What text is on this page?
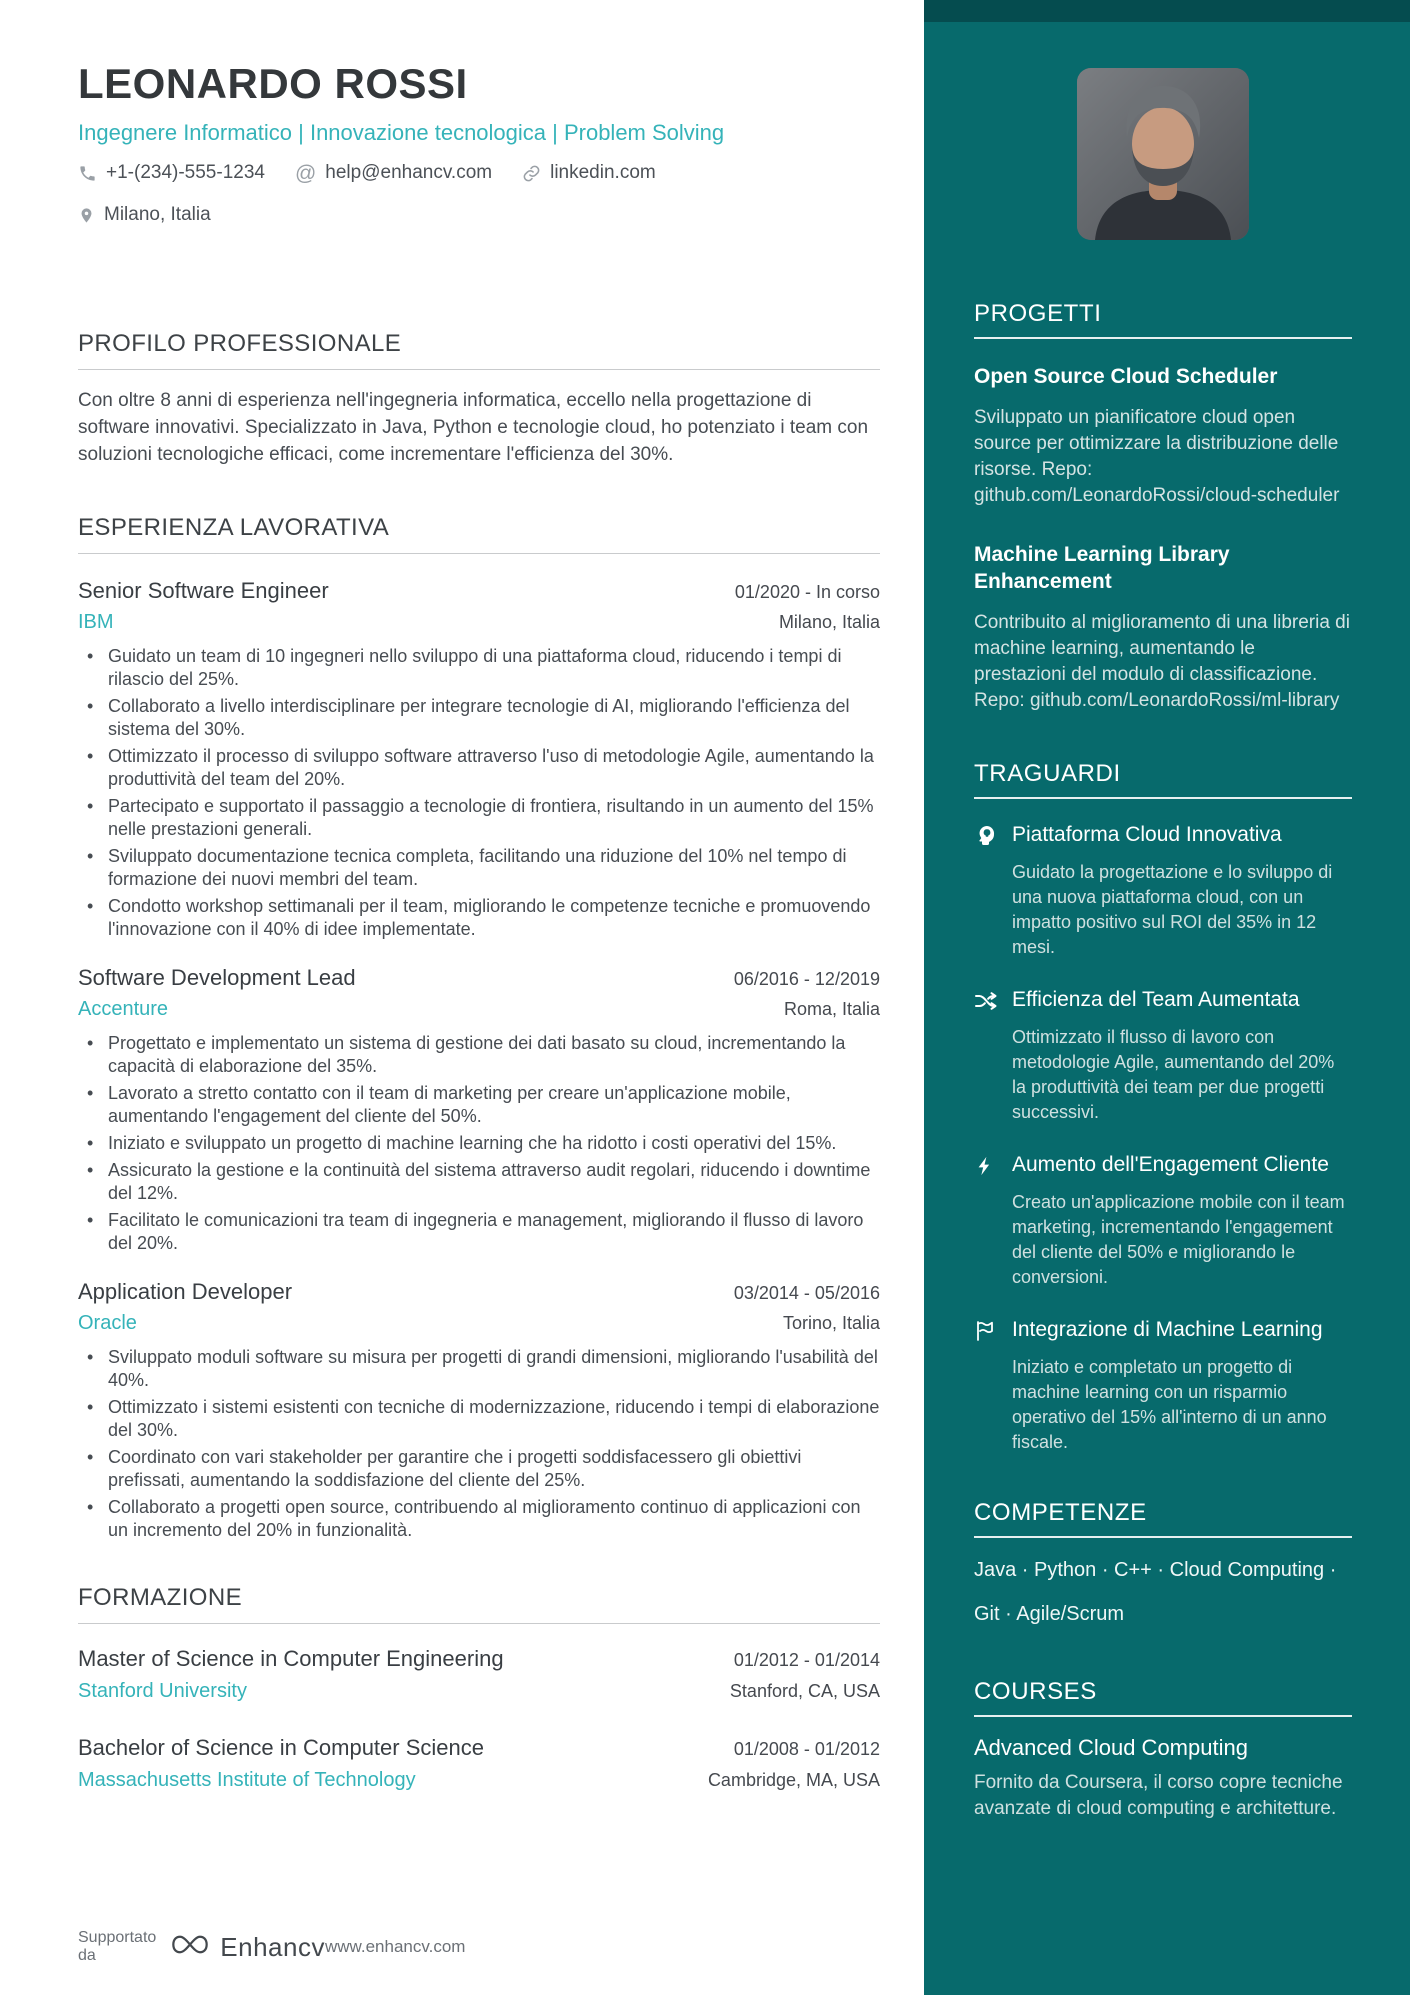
LEONARDO ROSSI
Ingegnere Informatico | Innovazione tecnologica | Problem Solving
+1-(234)-555-1234 @ help@enhancv.com	linkedin.com
Milano, Italia
PROFILO PROFESSIONALE
Con oltre 8 anni di esperienza nell'ingegneria informatica, eccello nella progettazione di software innovativi. Specializzato in Java, Python e tecnologie cloud, ho potenziato i team con soluzioni tecnologiche efficaci, come incrementare l'efficienza del 30%.
ESPERIENZA LAVORATIVA
Senior Software Engineer	01/2020 - In corso
IBM	Milano, Italia
• Guidato un team di 10 ingegneri nello sviluppo di una piattaforma cloud, riducendo i tempi di rilascio del 25%.
• Collaborato a livello interdisciplinare per integrare tecnologie di AI, migliorando l'efficienza del sistema del 30%.
• Ottimizzato il processo di sviluppo software attraverso l'uso di metodologie Agile, aumentando la produttività del team del 20%.
• Partecipato e supportato il passaggio a tecnologie di frontiera, risultando in un aumento del 15% nelle prestazioni generali.
• Sviluppato documentazione tecnica completa, facilitando una riduzione del 10% nel tempo di formazione dei nuovi membri del team.
• Condotto workshop settimanali per il team, migliorando le competenze tecniche e promuovendo l'innovazione con il 40% di idee implementate.
Software Development Lead	06/2016 - 12/2019
Accenture	Roma, Italia
• Progettato e implementato un sistema di gestione dei dati basato su cloud, incrementando la capacità di elaborazione del 35%.
• Lavorato a stretto contatto con il team di marketing per creare un'applicazione mobile, aumentando l'engagement del cliente del 50%.
• Iniziato e sviluppato un progetto di machine learning che ha ridotto i costi operativi del 15%.
• Assicurato la gestione e la continuità del sistema attraverso audit regolari, riducendo i downtime del 12%.
• Facilitato le comunicazioni tra team di ingegneria e management, migliorando il flusso di lavoro del 20%.
Application Developer	03/2014 - 05/2016
Oracle	Torino, Italia
• Sviluppato moduli software su misura per progetti di grandi dimensioni, migliorando l'usabilità del 40%.
• Ottimizzato i sistemi esistenti con tecniche di modernizzazione, riducendo i tempi di elaborazione del 30%.
• Coordinato con vari stakeholder per garantire che i progetti soddisfacessero gli obiettivi prefissati, aumentando la soddisfazione del cliente del 25%.
• Collaborato a progetti open source, contribuendo al miglioramento continuo di applicazioni con un incremento del 20% in funzionalità.
FORMAZIONE
Master of Science in Computer Engineering	01/2012 - 01/2014
Stanford University	Stanford, CA, USA
Bachelor of Science in Computer Science	01/2008 - 01/2012
Massachusetts Institute of Technology	Cambridge, MA, USA
Supportato da	Enhancv www.enhancv.com
PROGETTI
Open Source Cloud Scheduler
Sviluppato un pianificatore cloud open source per ottimizzare la distribuzione delle risorse. Repo: github.com/LeonardoRossi/cloud-scheduler
Machine Learning Library Enhancement
Contribuito al miglioramento di una libreria di machine learning, aumentando le prestazioni del modulo di classificazione. Repo: github.com/LeonardoRossi/ml-library
TRAGUARDI
Piattaforma Cloud Innovativa
Guidato la progettazione e lo sviluppo di una nuova piattaforma cloud, con un impatto positivo sul ROI del 35% in 12 mesi.
Efficienza del Team Aumentata
Ottimizzato il flusso di lavoro con metodologie Agile, aumentando del 20% la produttività dei team per due progetti successivi.
Aumento dell'Engagement Cliente
Creato un'applicazione mobile con il team marketing, incrementando l'engagement del cliente del 50% e migliorando le conversioni.
Integrazione di Machine Learning
Iniziato e completato un progetto di machine learning con un risparmio operativo del 15% all'interno di un anno fiscale.
COMPETENZE
Java · Python · C++ · Cloud Computing · Git · Agile/Scrum
COURSES
Advanced Cloud Computing
Fornito da Coursera, il corso copre tecniche avanzate di cloud computing e architetture.
